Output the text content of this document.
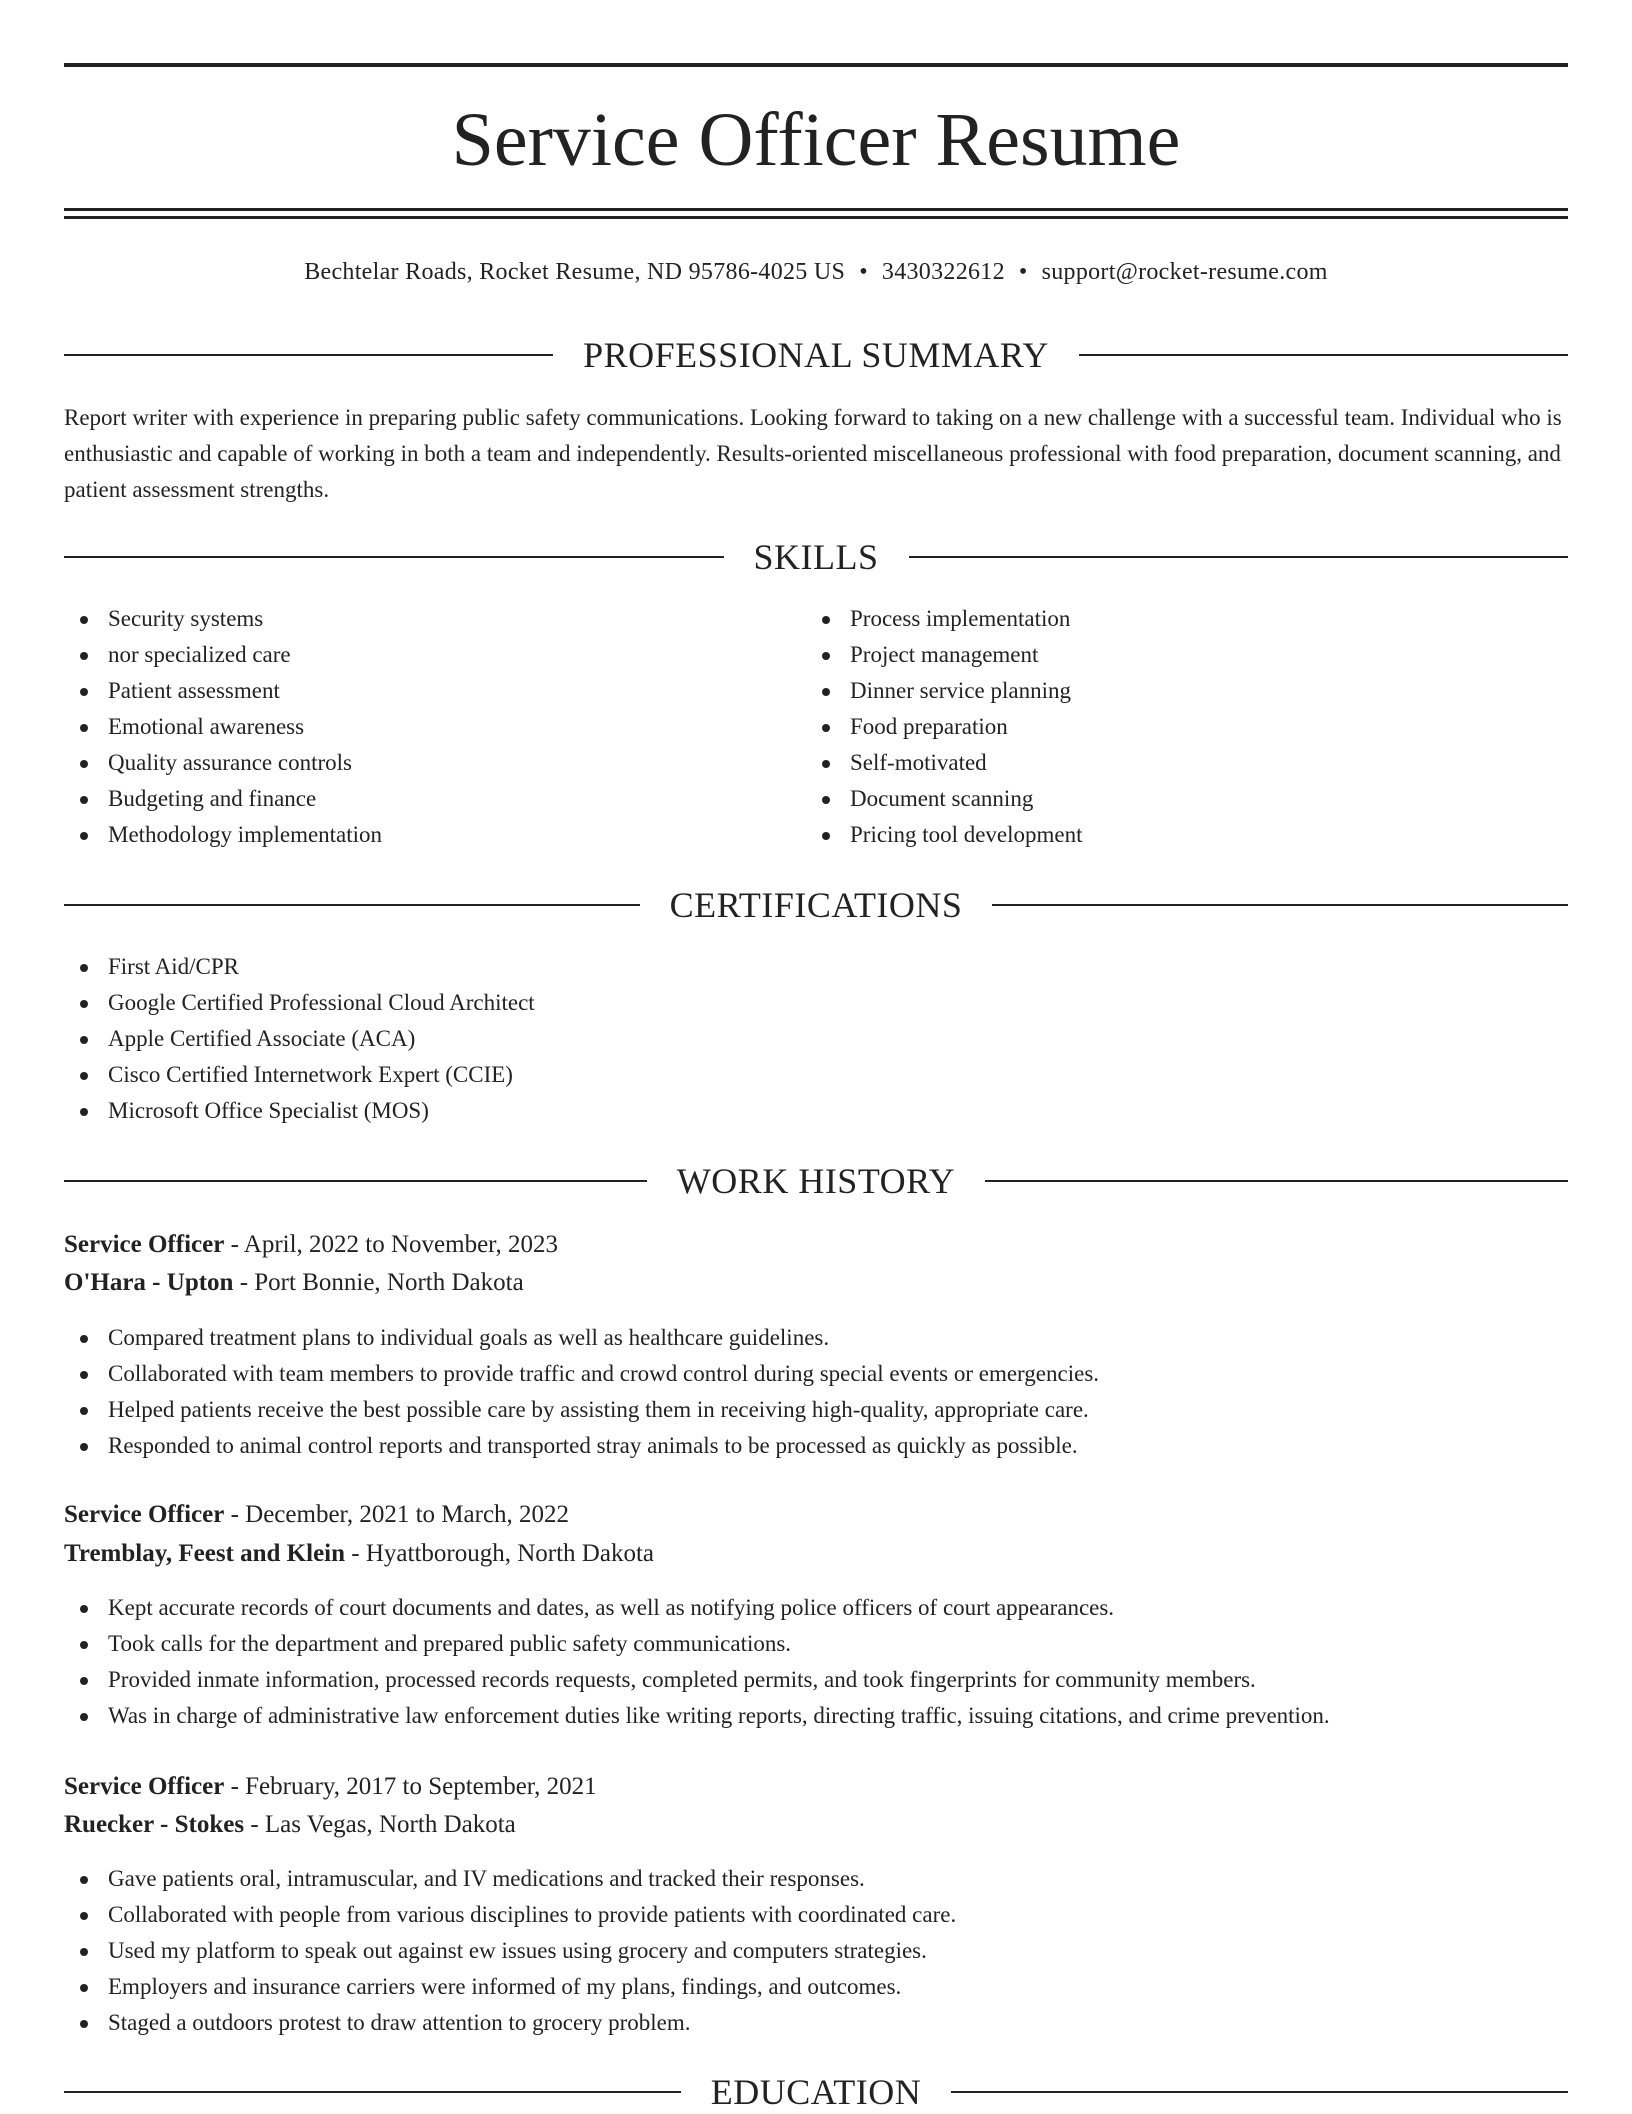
Service Officer Resume
Bechtelar Roads, Rocket Resume, ND 95786-4025 US • 3430322612 • support@rocket-resume.com
PROFESSIONAL SUMMARY

Report writer with experience in preparing public safety communications. Looking forward to taking on a new challenge with a successful team. Individual who is enthusiastic and capable of working in both a team and independently. Results-oriented miscellaneous professional with food preparation, document scanning, and patient assessment strengths.

SKILLS
Security systems
nor specialized care
Patient assessment
Emotional awareness
Quality assurance controls
Budgeting and finance
Methodology implementation
Process implementation
Project management
Dinner service planning
Food preparation
Self-motivated
Document scanning
Pricing tool development
CERTIFICATIONS
First Aid/CPR
Google Certified Professional Cloud Architect
Apple Certified Associate (ACA)
Cisco Certified Internetwork Expert (CCIE)
Microsoft Office Specialist (MOS)
WORK HISTORY
Service Officer - April, 2022 to November, 2023
O'Hara - Upton - Port Bonnie, North Dakota
Compared treatment plans to individual goals as well as healthcare guidelines.
Collaborated with team members to provide traffic and crowd control during special events or emergencies.
Helped patients receive the best possible care by assisting them in receiving high-quality, appropriate care.
Responded to animal control reports and transported stray animals to be processed as quickly as possible.
Service Officer - December, 2021 to March, 2022
Tremblay, Feest and Klein - Hyattborough, North Dakota
Kept accurate records of court documents and dates, as well as notifying police officers of court appearances.
Took calls for the department and prepared public safety communications.
Provided inmate information, processed records requests, completed permits, and took fingerprints for community members.
Was in charge of administrative law enforcement duties like writing reports, directing traffic, issuing citations, and crime prevention.
Service Officer - February, 2017 to September, 2021
Ruecker - Stokes - Las Vegas, North Dakota
Gave patients oral, intramuscular, and IV medications and tracked their responses.
Collaborated with people from various disciplines to provide patients with coordinated care.
Used my platform to speak out against ew issues using grocery and computers strategies.
Employers and insurance carriers were informed of my plans, findings, and outcomes.
Staged a outdoors protest to draw attention to grocery problem.
EDUCATION
